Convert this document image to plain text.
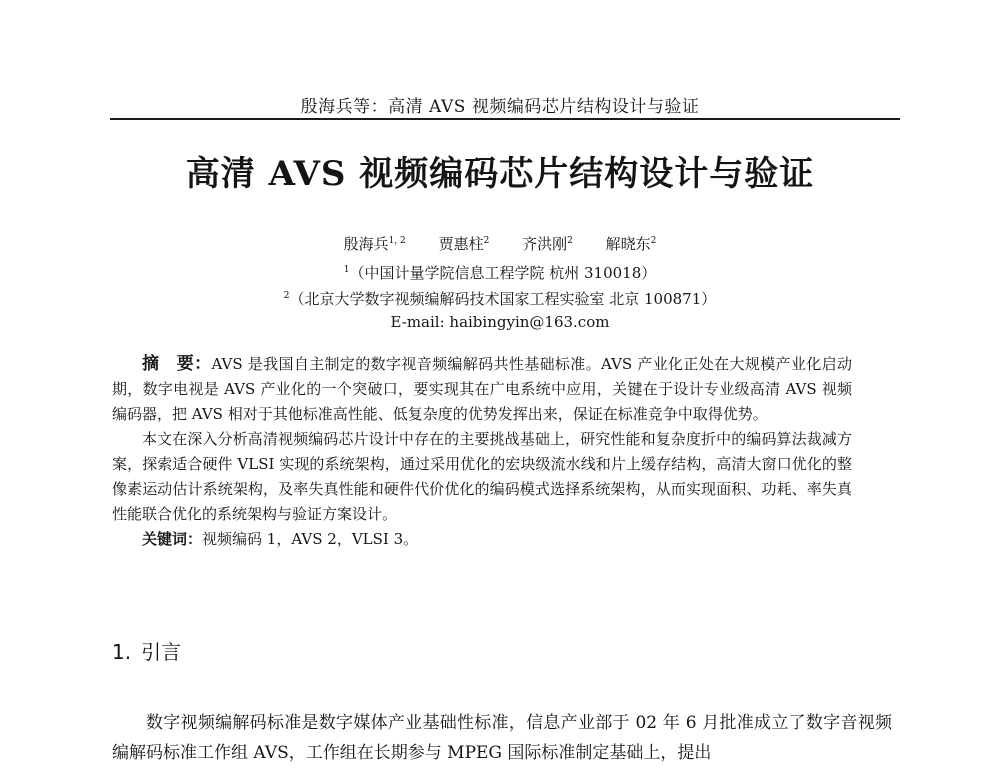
殷海兵等：高清 AVS 视频编码芯片结构设计与验证
高清 AVS 视频编码芯片结构设计与验证
殷海兵$^{1, 2}$ 贾惠柱$^2$ 齐洪刚$^2$ 解晓东$^2$
$^1$（中国计量学院信息工程学院 杭州 310018）
$^2$（北京大学数字视频编解码技术国家工程实验室 北京 100871）
E-mail: haibingyin@163.com

摘　要：AVS 是我国自主制定的数字视音频编解码共性基础标准。AVS 产业化正处在大规模产业化启动期，数字电视是 AVS 产业化的一个突破口，要实现其在广电系统中应用，关键在于设计专业级高清 AVS 视频编码器，把 AVS 相对于其他标准高性能、低复杂度的优势发挥出来，保证在标准竞争中取得优势。

本文在深入分析高清视频编码芯片设计中存在的主要挑战基础上，研究性能和复杂度折中的编码算法裁减方案，探索适合硬件 VLSI 实现的系统架构，通过采用优化的宏块级流水线和片上缓存结构，高清大窗口优化的整像素运动估计系统架构，及率失真性能和硬件代价优化的编码模式选择系统架构，从而实现面积、功耗、率失真性能联合优化的系统架构与验证方案设计。

关键词：视频编码 1，AVS 2，VLSI 3。

1. 引言

数字视频编解码标准是数字媒体产业基础性标准，信息产业部于 02 年 6 月批准成立了数字音视频编解码标准工作组 AVS，工作组在长期参与 MPEG 国际标准制定基础上，提出
